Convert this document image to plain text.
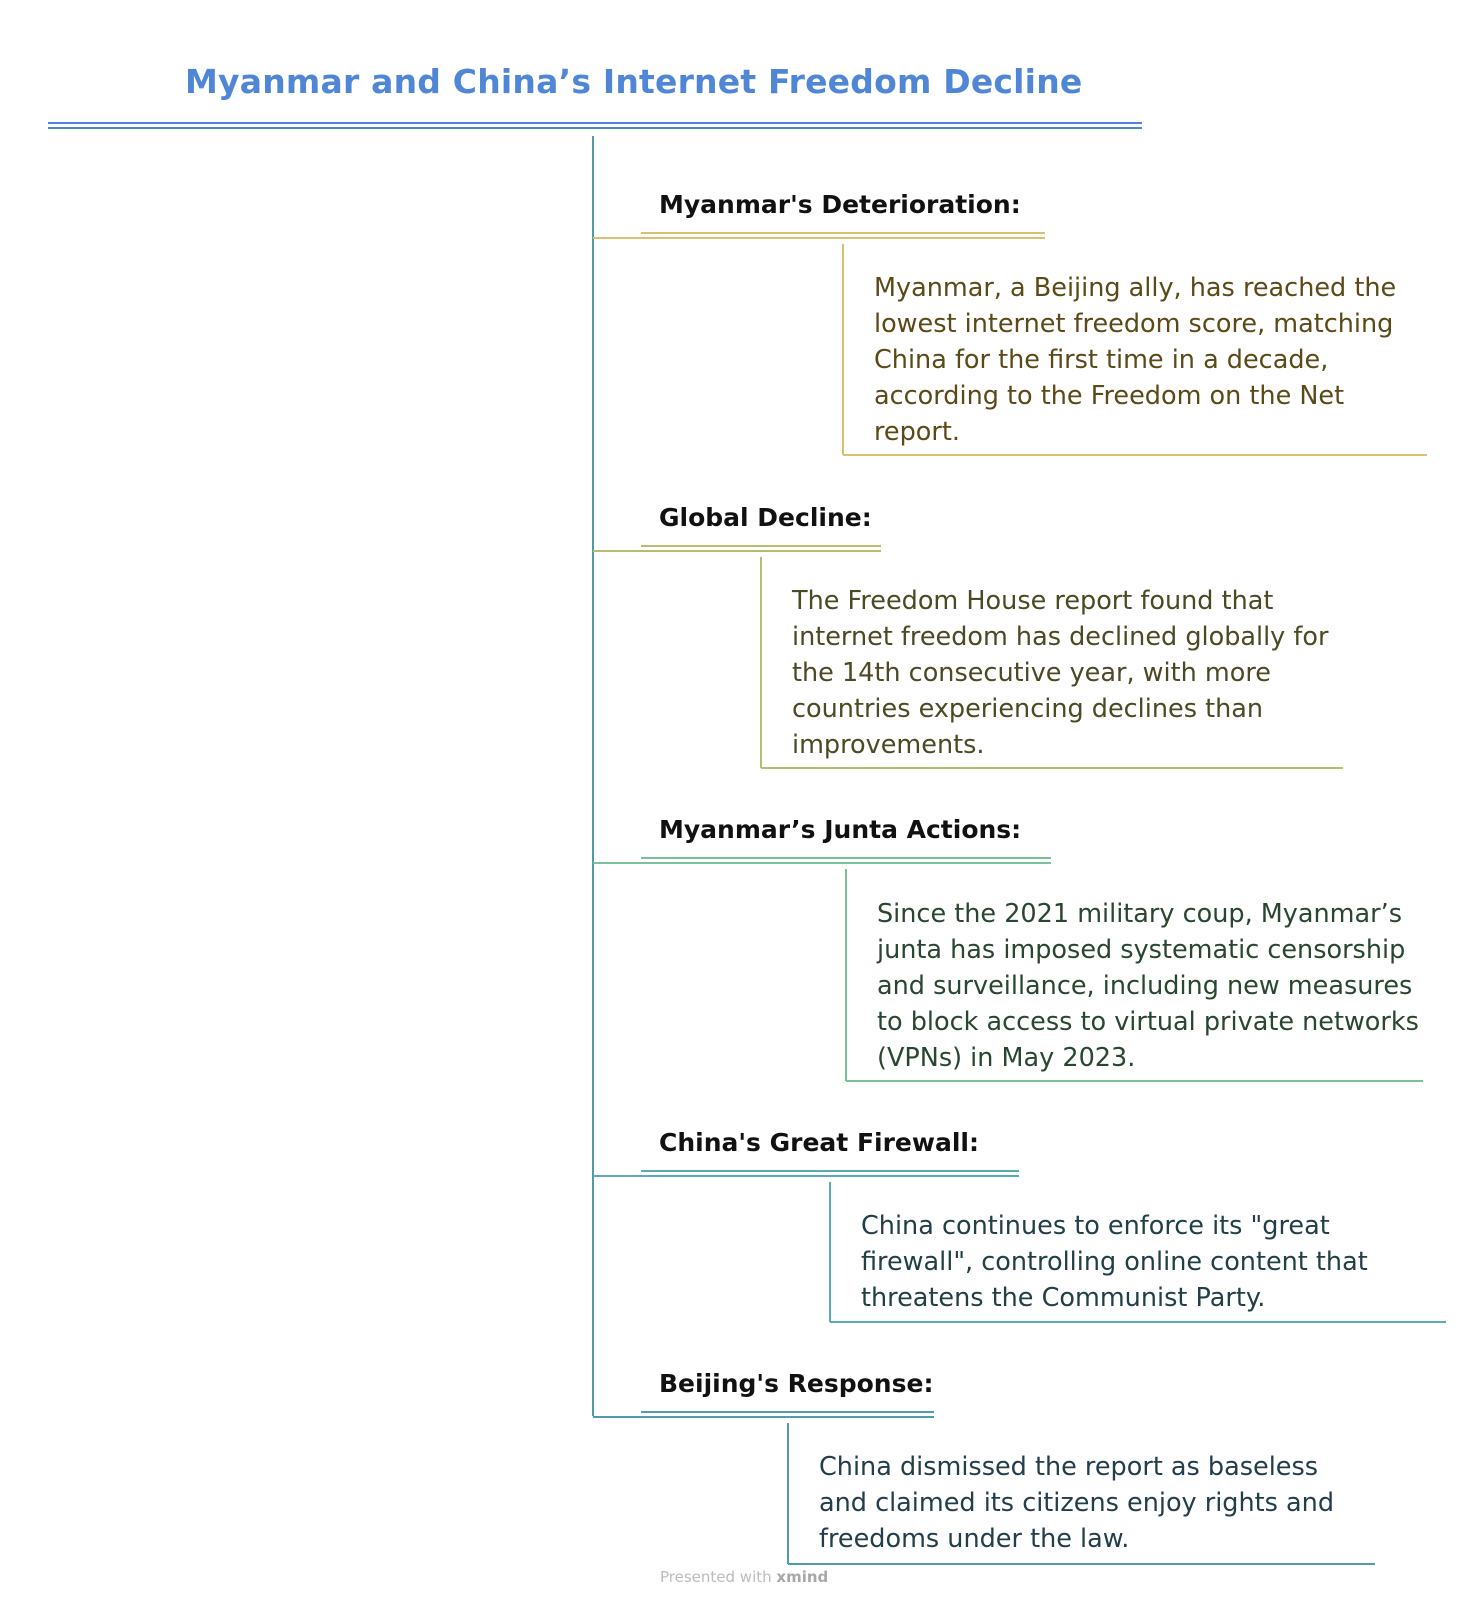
Myanmar and China’s Internet Freedom Decline
Myanmar's Deterioration:
Myanmar, a Beijing ally, has reached the lowest internet freedom score, matching China for the first time in a decade, according to the Freedom on the Net report.
Global Decline:
The Freedom House report found that internet freedom has declined globally for the 14th consecutive year, with more countries experiencing declines than improvements.
Myanmar’s Junta Actions:
Since the 2021 military coup, Myanmar’s junta has imposed systematic censorship and surveillance, including new measures to block access to virtual private networks (VPNs) in May 2023.
China's Great Firewall:
China continues to enforce its "great firewall", controlling online content that threatens the Communist Party.
Beijing's Response:
China dismissed the report as baseless and claimed its citizens enjoy rights and freedoms under the law.
Presented with xmind
